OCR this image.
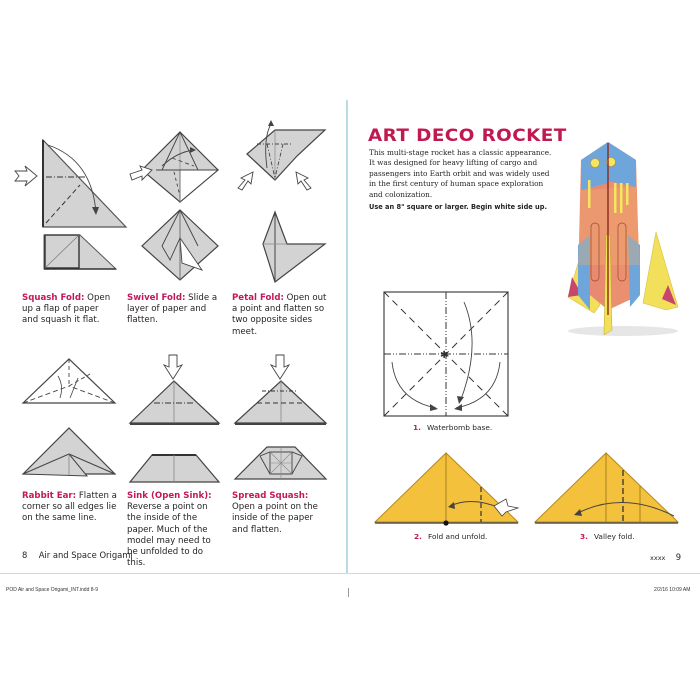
Squash Fold: Open up a flap of paper and squash it flat.
Swivel Fold: Slide a layer of paper and flatten.
Petal Fold: Open out a point and flatten so two opposite sides meet.
Rabbit Ear: Flatten a corner so all edges lie on the same line.
Sink (Open Sink): Reverse a point on the inside of the paper. Much of the model may need to be unfolded to do this.
Spread Squash: Open a point on the inside of the paper and flatten.
8 Air and Space Origami
ART DECO ROCKET
This multi-stage rocket has a classic appearance. It was designed for heavy lifting of cargo and passengers into Earth orbit and was widely used in the first century of human space exploration and colonization.
Use an 8" square or larger. Begin white side up.
✱
1. Waterbomb base.
2. Fold and unfold.	3. Valley fold.
xxxx 9
POD Air and Space Origami_INT.indd 8-9	2/2/16 10:09 AM
